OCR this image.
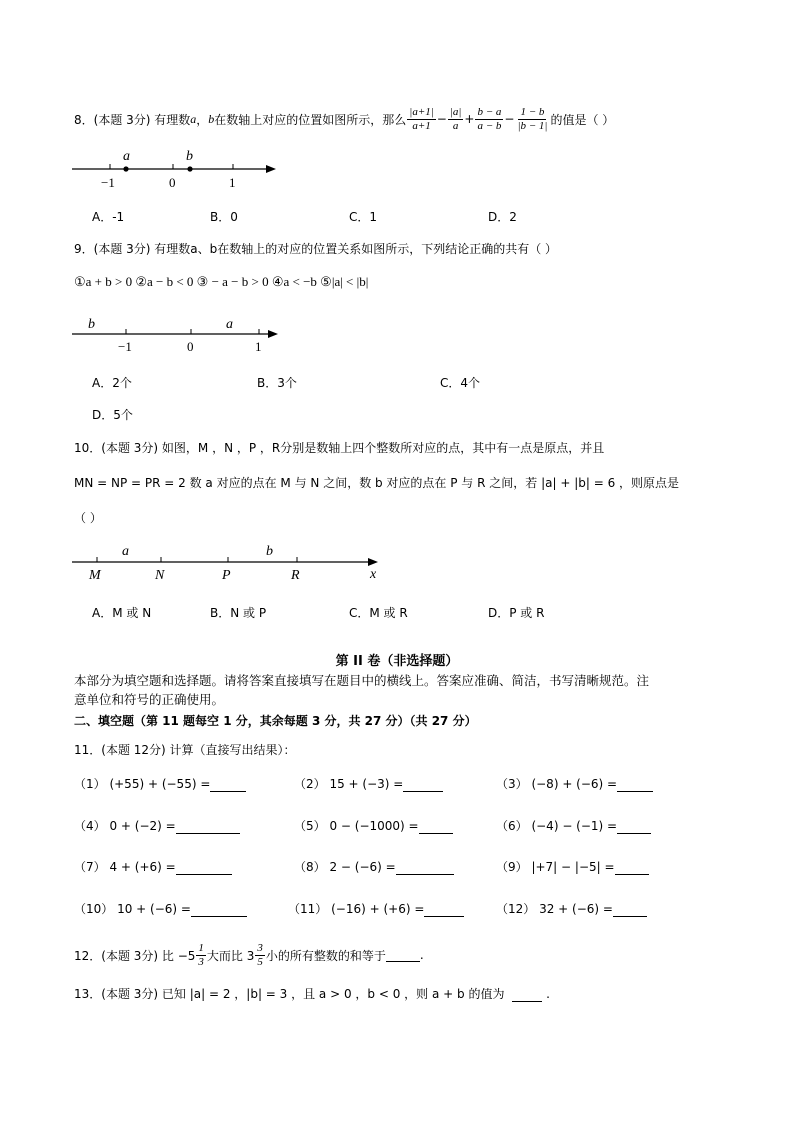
8．(本题 3分) 有理数 a ， b 在数轴上对应的位置如图所示，那么 $\frac{|a+1|}{a+1} - \frac{|a|}{a} + \frac{b - a}{a - b} - \frac{1 - b}{|b - 1|}$ 的值是（ ）
a	b
−1	0	1
A．-1	B．0	C．1	D．2
9．(本题 3分) 有理数a、b在数轴上的对应的位置关系如图所示，下列结论正确的共有（ ）
①a + b > 0 ②a − b < 0 ③ − a − b > 0 ④a < −b ⑤|a| < |b|
b	a
−1	0	1
A．2个	B．3个	C．4个
D．5个
10．(本题 3分) 如图，M ，N ，P ，R分别是数轴上四个整数所对应的点，其中有一点是原点，并且
MN = NP = PR = 2 数 a 对应的点在 M 与 N 之间，数 b 对应的点在 P 与 R 之间，若 |a| + |b| = 6 ，则原点是
（ ）
a	b
M	N	P	R	x
A．M 或 N	B．N 或 P	C．M 或 R	D．P 或 R
第 II 卷（非选择题）
本部分为填空题和选择题。请将答案直接填写在题目中的横线上。答案应准确、简洁，书写清晰规范。注
意单位和符号的正确使用。
二、填空题（第 11 题每空 1 分，其余每题 3 分，共 27 分）（共 27 分）
11．(本题 12分) 计算（直接写出结果）：
（1） (+55) + (−55) =	（2） 15 + (−3) =	（3） (−8) + (−6) =
（4） 0 + (−2) =	（5） 0 − (−1000) =	（6） (−4) − (−1) =
（7） 4 + (+6) =	（8） 2 − (−6) =	（9） |+7| − |−5| =
（10） 10 + (−6) =	（11） (−16) + (+6) =	（12） 32 + (−6) =
12．(本题 3分) 比 $-5 \frac{1}{3}$ 大而比 $3 \frac{3}{5}$ 小的所有整数的和等于	.
13．(本题 3分) 已知 |a| = 2 ，|b| = 3 ，且 a > 0 ，b < 0 ，则 a + b 的值为	.
